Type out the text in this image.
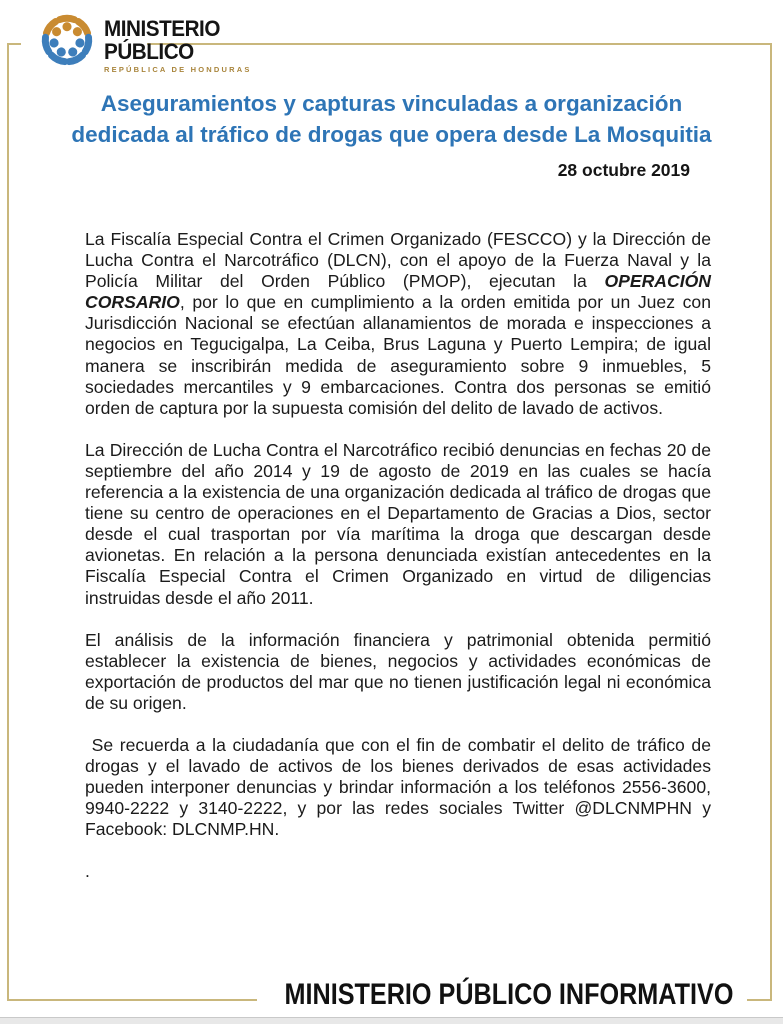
MINISTERIO
PÚBLICO
REPÚBLICA DE HONDURAS
Aseguramientos y capturas vinculadas a organización
dedicada al tráfico de drogas que opera desde La Mosquitia
28 octubre 2019

La Fiscalía Especial Contra el Crimen Organizado (FESCCO) y la Dirección de Lucha Contra el Narcotráfico (DLCN), con el apoyo de la Fuerza Naval y la Policía Militar del Orden Público (PMOP), ejecutan la OPERACIÓN CORSARIO, por lo que en cumplimiento a la orden emitida por un Juez con Jurisdicción Nacional se efectúan allanamientos de morada e inspecciones a negocios en Tegucigalpa, La Ceiba, Brus Laguna y Puerto Lempira; de igual manera se inscribirán medida de aseguramiento sobre 9 inmuebles, 5 sociedades mercantiles y 9 embarcaciones. Contra dos personas se emitió orden de captura por la supuesta comisión del delito de lavado de activos.

La Dirección de Lucha Contra el Narcotráfico recibió denuncias en fechas 20 de septiembre del año 2014 y 19 de agosto de 2019 en las cuales se hacía referencia a la existencia de una organización dedicada al tráfico de drogas que tiene su centro de operaciones en el Departamento de Gracias a Dios, sector desde el cual trasportan por vía marítima la droga que descargan desde avionetas. En relación a la persona denunciada existían antecedentes en la Fiscalía Especial Contra el Crimen Organizado en virtud de diligencias instruidas desde el año 2011.

El análisis de la información financiera y patrimonial obtenida permitió establecer la existencia de bienes, negocios y actividades económicas de exportación de productos del mar que no tienen justificación legal ni económica de su origen.

Se recuerda a la ciudadanía que con el fin de combatir el delito de tráfico de drogas y el lavado de activos de los bienes derivados de esas actividades pueden interponer denuncias y brindar información a los teléfonos 2556-3600, 9940-2222 y 3140-2222, y por las redes sociales Twitter @DLCNMPHN y Facebook: DLCNMP.HN.

.

MINISTERIO PÚBLICO INFORMATIVO
